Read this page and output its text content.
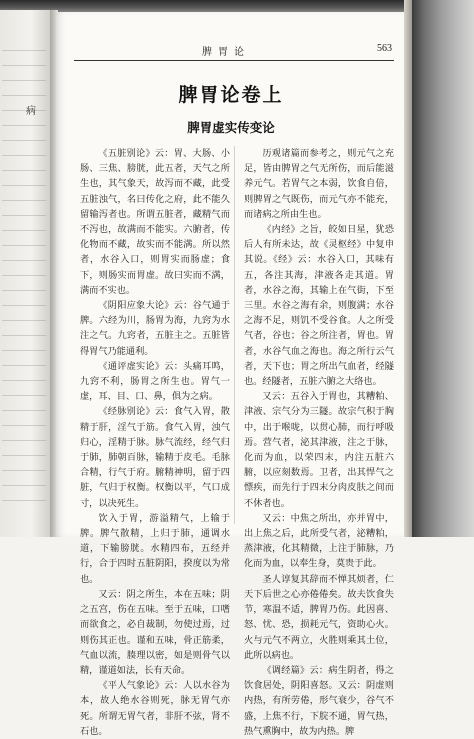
病
脾胃论	563
脾胃论卷上
脾胃虚实传变论

《五脏别论》云：胃、大肠、小肠、三焦、膀胱，此五者，天气之所生也，其气象天，故泻而不藏，此受五脏浊气，名曰传化之府，此不能久留输泻者也。所谓五脏者，藏精气而不泻也，故满而不能实。六腑者，传化物而不藏，故实而不能满。所以然者，水谷入口，则胃实而肠虚；食下，则肠实而胃虚。故曰实而不满，满而不实也。

《阴阳应象大论》云：谷气通于脾。六经为川，肠胃为海，九窍为水注之气。九窍者，五脏主之。五脏皆得胃气乃能通利。

《通评虚实论》云：头痛耳鸣，九窍不利，肠胃之所生也。胃气一虚，耳、目、口、鼻，俱为之病。

《经脉别论》云：食气入胃，散精于肝，淫气于筋。食气入胃，浊气归心，淫精于脉。脉气流经，经气归于肺，肺朝百脉，输精于皮毛。毛脉合精，行气于府。腑精神明，留于四脏，气归于权衡。权衡以平，气口成寸，以决死生。

饮入于胃，游溢精气，上输于脾。脾气散精，上归于肺，通调水道，下输膀胱。水精四布，五经并行，合于四时五脏阴阳，揆度以为常也。

又云：阴之所生，本在五味；阴之五宫，伤在五味。至于五味，口嗜而欲食之，必自裁制，勿使过焉，过则伤其正也。谨和五味，骨正筋柔，气血以流，腠理以密，如是则骨气以精，谨道如法，长有天命。

《平人气象论》云：人以水谷为本，故人绝水谷则死，脉无胃气亦死。所谓无胃气者，非肝不弦，肾不石也。

历观诸篇而参考之，则元气之充足，皆由脾胃之气无所伤，而后能滋养元气。若胃气之本弱，饮食自倍，则脾胃之气既伤，而元气亦不能充，而诸病之所由生也。

《内经》之旨，皎如日星，犹恐后人有所未达，故《灵枢经》中复申其说。《经》云：水谷入口，其味有五，各注其海，津液各走其道。胃者，水谷之海，其输上在气街，下至三里。水谷之海有余，则腹满；水谷之海不足，则饥不受谷食。人之所受气者，谷也；谷之所注者，胃也。胃者，水谷气血之海也。海之所行云气者，天下也；胃之所出气血者，经隧也。经隧者，五脏六腑之大络也。

又云：五谷入于胃也，其糟粕、津液、宗气分为三隧。故宗气积于胸中，出于喉咙，以贯心肺，而行呼吸焉。营气者，泌其津液，注之于脉，化而为血，以荣四末，内注五脏六腑，以应刻数焉。卫者，出其悍气之慓疾，而先行于四末分肉皮肤之间而不休者也。

又云：中焦之所出，亦并胃中，出上焦之后，此所受气者，泌糟粕，蒸津液，化其精微，上注于肺脉，乃化而为血，以奉生身，莫贵于此。

圣人谆复其辞而不惮其烦者，仁天下后世之心亦倦倦矣。故夫饮食失节，寒温不适，脾胃乃伤。此因喜、怒、忧、恐，损耗元气，资助心火。火与元气不两立，火胜则乘其土位，此所以病也。

《调经篇》云：病生阴者，得之饮食居处，阴阳喜怒。又云：阴虚则内热，有所劳倦，形气衰少，谷气不盛，上焦不行，下脘不通，胃气热，热气熏胸中，故为内热。脾
